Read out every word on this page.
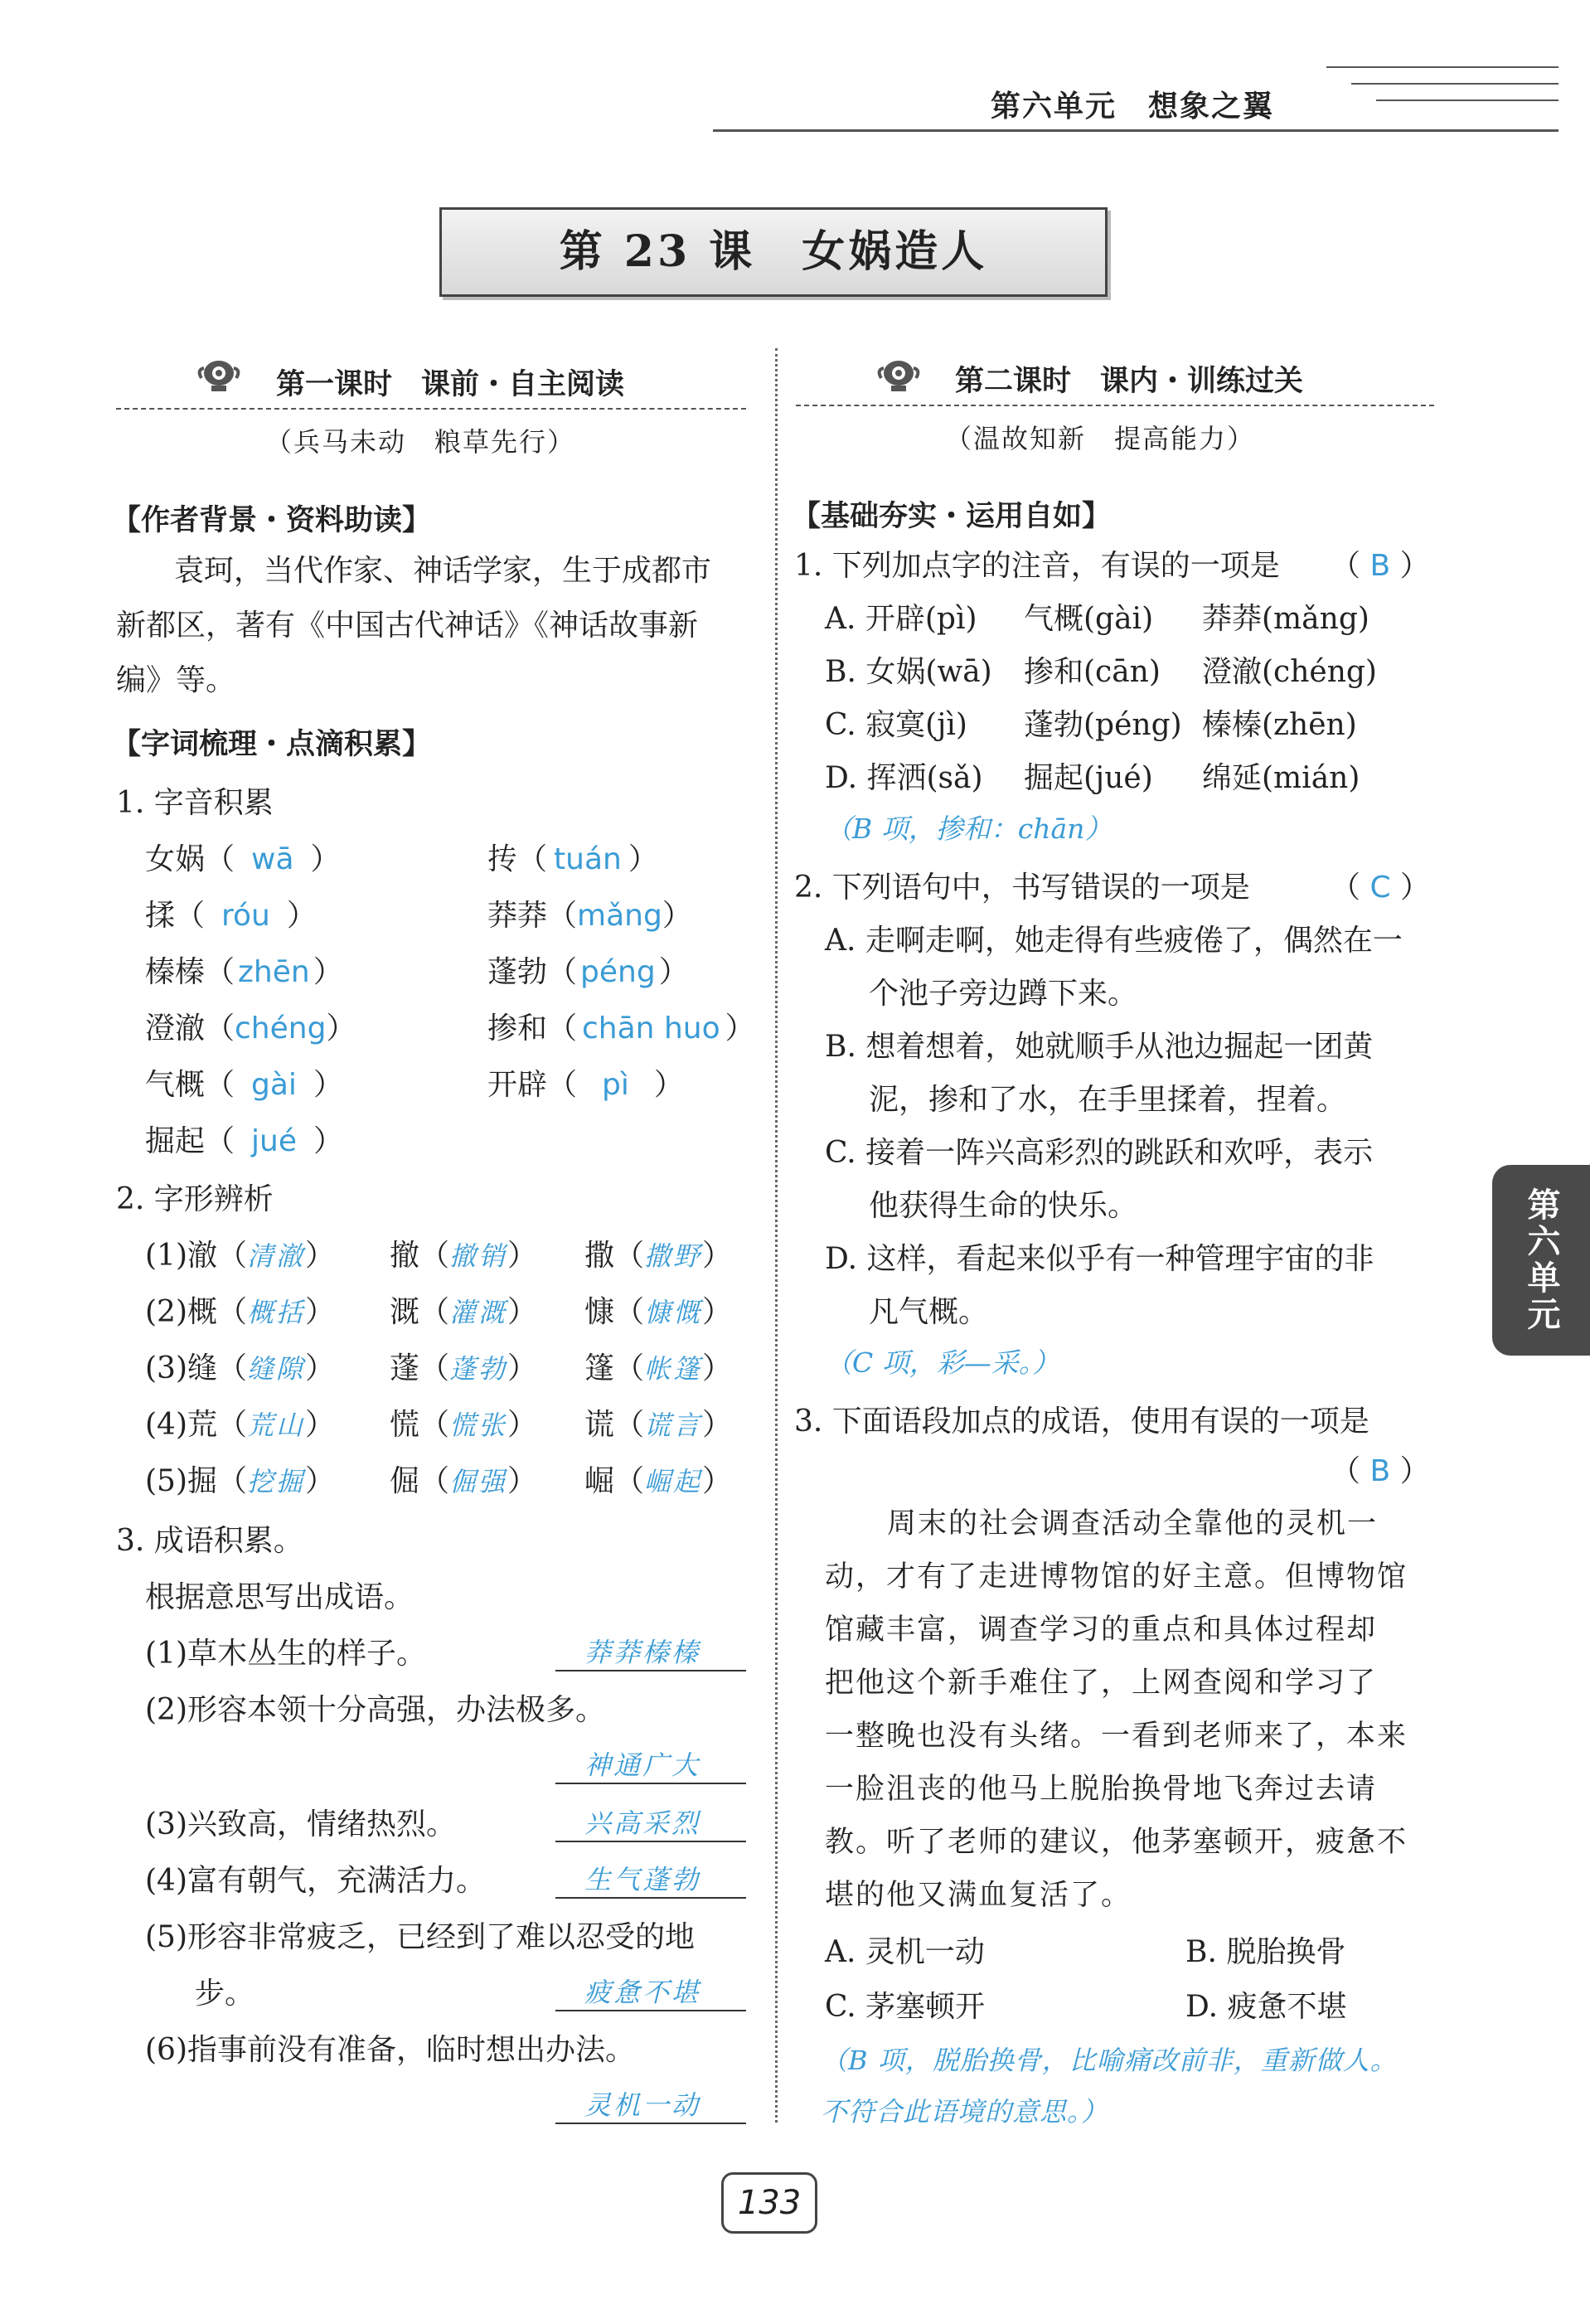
第六单元　想象之翼
第 23 课　女娲造人
第一课时　课前・自主阅读
（兵马未动　粮草先行）
【作者背景・资料助读】
袁珂，当代作家、神话学家，生于成都市
新都区，著有《中国古代神话》《神话故事新
编》等。
【字词梳理・点滴积累】
1. 字音积累
女娲（ wā ）	抟（ tuán ）
揉（ róu ）	莽莽（mǎng）
榛榛（ zhēn ）	蓬勃（ péng ）
澄澈（chéng）	掺和（ chān huo ）
气概（ gài ）	开辟（ pì ）
掘起（ jué ）
2. 字形辨析
(1)澈（清澈） 撤（撤销） 撒（撒野）
(2)概（概括） 溉（灌溉） 慷（慷慨）
(3)缝（缝隙） 蓬（蓬勃） 篷（帐篷）
(4)荒（荒山） 慌（慌张） 谎（谎言）
(5)掘（挖掘） 倔（倔强） 崛（崛起）
3. 成语积累。
根据意思写出成语。
(1)草木丛生的样子。	莽莽榛榛
(2)形容本领十分高强，办法极多。
神通广大
(3)兴致高，情绪热烈。	兴高采烈
(4)富有朝气，充满活力。	生气蓬勃
(5)形容非常疲乏，已经到了难以忍受的地
步。	疲惫不堪
(6)指事前没有准备，临时想出办法。
灵机一动
第二课时　课内・训练过关
（温故知新　提高能力）
【基础夯实・运用自如】
1. 下列加点字的注音，有误的一项是 （ B ）
A. 开辟(pì) 气概(gài) 莽莽(mǎng)
B. 女娲(wā) 掺和(cān) 澄澈(chéng)
C. 寂寞(jì) 蓬勃(péng) 榛榛(zhēn)
D. 挥洒(sǎ) 掘起(jué) 绵延(mián)
（B 项，掺和：chān）
2. 下列语句中，书写错误的一项是	（ C ）
A. 走啊走啊，她走得有些疲倦了，偶然在一
个池子旁边蹲下来。
B. 想着想着，她就顺手从池边掘起一团黄
泥，掺和了水，在手里揉着，捏着。
C. 接着一阵兴高彩烈的跳跃和欢呼，表示
他获得生命的快乐。
D. 这样，看起来似乎有一种管理宇宙的非
凡气概。
（C 项，彩—采。）
3. 下面语段加点的成语，使用有误的一项是
（ B ）
周末的社会调查活动全靠他的灵机一
动，才有了走进博物馆的好主意。但博物馆
馆藏丰富，调查学习的重点和具体过程却
把他这个新手难住了，上网查阅和学习了
一整晚也没有头绪。一看到老师来了，本来
一脸沮丧的他马上脱胎换骨地飞奔过去请
教。听了老师的建议，他茅塞顿开，疲惫不
堪的他又满血复活了。
A. 灵机一动	B. 脱胎换骨
C. 茅塞顿开	D. 疲惫不堪
（B 项，脱胎换骨，比喻痛改前非，重新做人。
不符合此语境的意思。）
第六单元
133
